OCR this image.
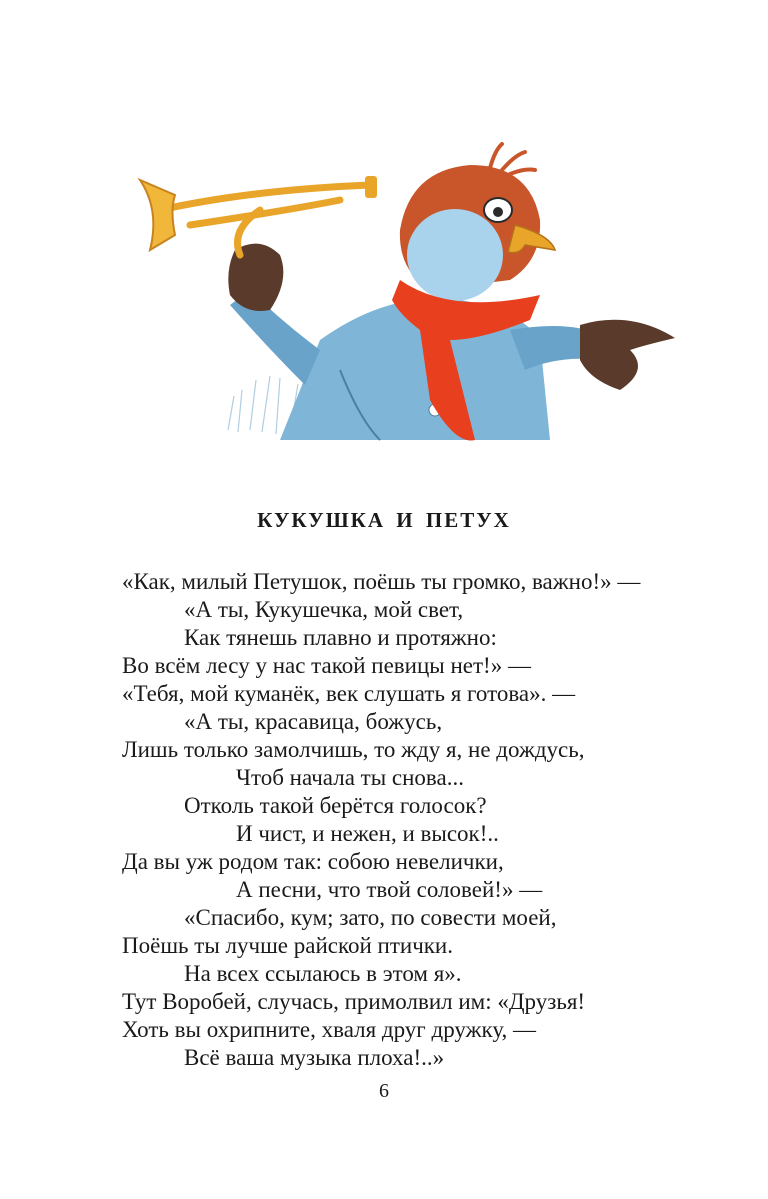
КУКУШКА И ПЕТУХ
«Как, милый Петушок, поёшь ты громко, важно!» —
«А ты, Кукушечка, мой свет,
Как тянешь плавно и протяжно:
Во всём лесу у нас такой певицы нет!» —
«Тебя, мой куманёк, век слушать я готова». —
«А ты, красавица, божусь,
Лишь только замолчишь, то жду я, не дождусь,
Чтоб начала ты снова...
Отколь такой берётся голосок?
И чист, и нежен, и высок!..
Да вы уж родом так: собою невелички,
А песни, что твой соловей!» —
«Спасибо, кум; зато, по совести моей,
Поёшь ты лучше райской птички.
На всех ссылаюсь в этом я».
Тут Воробей, случась, примолвил им: «Друзья!
Хоть вы охрипните, хваля друг дружку, —
Всё ваша музыка плоха!..»
6
